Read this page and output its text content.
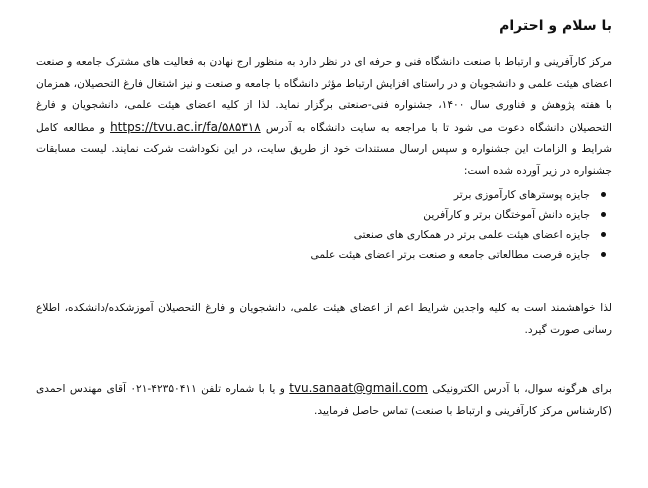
با سلام و احترام

مرکز کارآفرینی و ارتباط با صنعت دانشگاه فنی و حرفه ای در نظر دارد به منظور ارج نهادن به فعالیت های مشترک جامعه و صنعت اعضای هیئت علمی و دانشجویان و در راستای افزایش ارتباط مؤثر دانشگاه با جامعه و صنعت و نیز اشتغال فارغ التحصیلان، همزمان با هفته پژوهش و فناوری سال ۱۴۰۰، جشنواره فنی-صنعتی برگزار نماید. لذا از کلیه اعضای هیئت علمی، دانشجویان و فارغ التحصیلان دانشگاه دعوت می شود تا با مراجعه به سایت دانشگاه به آدرس https://tvu.ac.ir/fa/۵۸۵۳۱۸ و مطالعه کامل شرایط و الزامات این جشنواره و سپس ارسال مستندات خود از طریق سایت، در این نکوداشت شرکت نمایند. لیست مسابقات جشنواره در زیر آورده شده است:

جایزه پوسترهای کارآموزی برتر
جایزه دانش آموختگان برتر و کارآفرین
جایزه اعضای هیئت علمی برتر در همکاری های صنعتی
جایزه فرصت مطالعاتی جامعه و صنعت برتر اعضای هیئت علمی

لذا خواهشمند است به کلیه واجدین شرایط اعم از اعضای هیئت علمی، دانشجویان و فارغ التحصیلان آموزشکده/دانشکده، اطلاع رسانی صورت گیرد.

برای هرگونه سوال، با آدرس الکترونیکی tvu.sanaat@gmail.com و یا با شماره تلفن ۴۲۳۵۰۴۱۱-۰۲۱ آقای مهندس احمدی (کارشناس مرکز کارآفرینی و ارتباط با صنعت) تماس حاصل فرمایید.
